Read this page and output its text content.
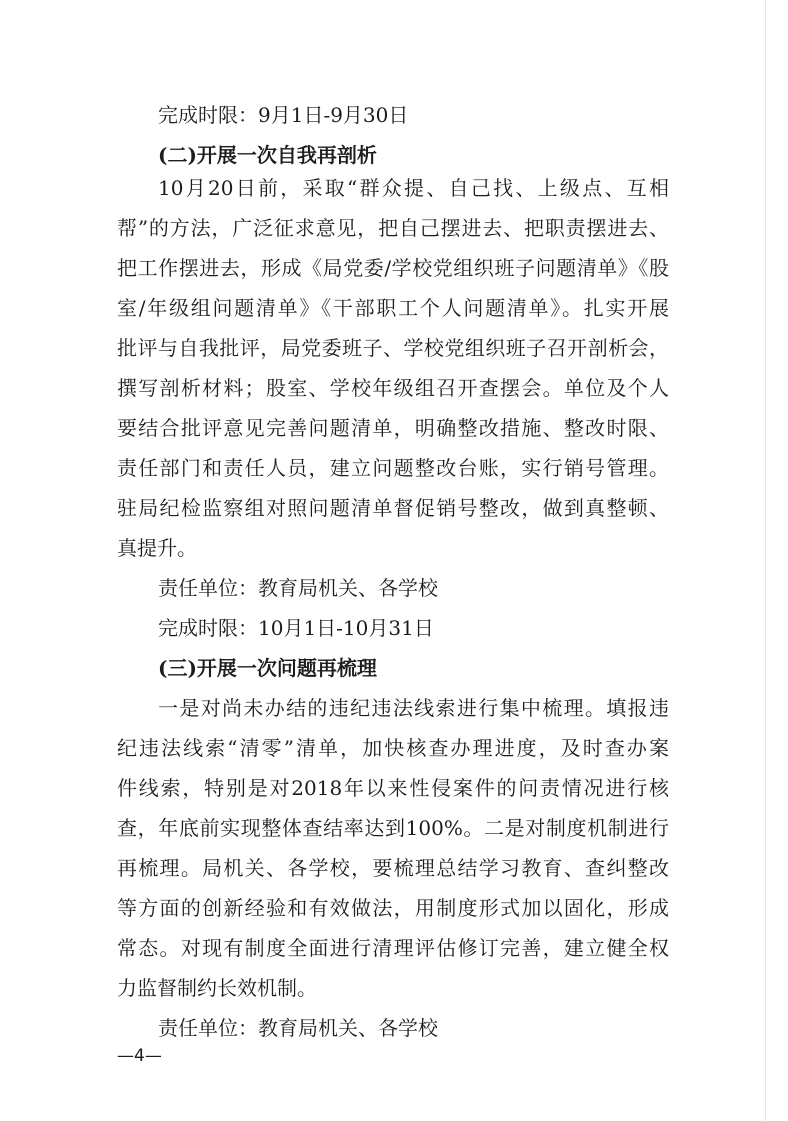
完成时限：9月1日-9月30日
(二)开展一次自我再剖析
10月20日前，采取“群众提、自己找、上级点、互相
帮”的方法，广泛征求意见，把自己摆进去、把职责摆进去、
把工作摆进去，形成《局党委/学校党组织班子问题清单》《股
室/年级组问题清单》《干部职工个人问题清单》。扎实开展
批评与自我批评，局党委班子、学校党组织班子召开剖析会，
撰写剖析材料；股室、学校年级组召开查摆会。单位及个人
要结合批评意见完善问题清单，明确整改措施、整改时限、
责任部门和责任人员，建立问题整改台账，实行销号管理。
驻局纪检监察组对照问题清单督促销号整改，做到真整顿、
真提升。
责任单位：教育局机关、各学校
完成时限：10月1日-10月31日
(三)开展一次问题再梳理
一是对尚未办结的违纪违法线索进行集中梳理。填报违
纪违法线索“清零”清单，加快核查办理进度，及时查办案
件线索，特别是对2018年以来性侵案件的问责情况进行核
查，年底前实现整体查结率达到100%。二是对制度机制进行
再梳理。局机关、各学校，要梳理总结学习教育、查纠整改
等方面的创新经验和有效做法，用制度形式加以固化，形成
常态。对现有制度全面进行清理评估修订完善，建立健全权
力监督制约长效机制。
责任单位：教育局机关、各学校
—4—
